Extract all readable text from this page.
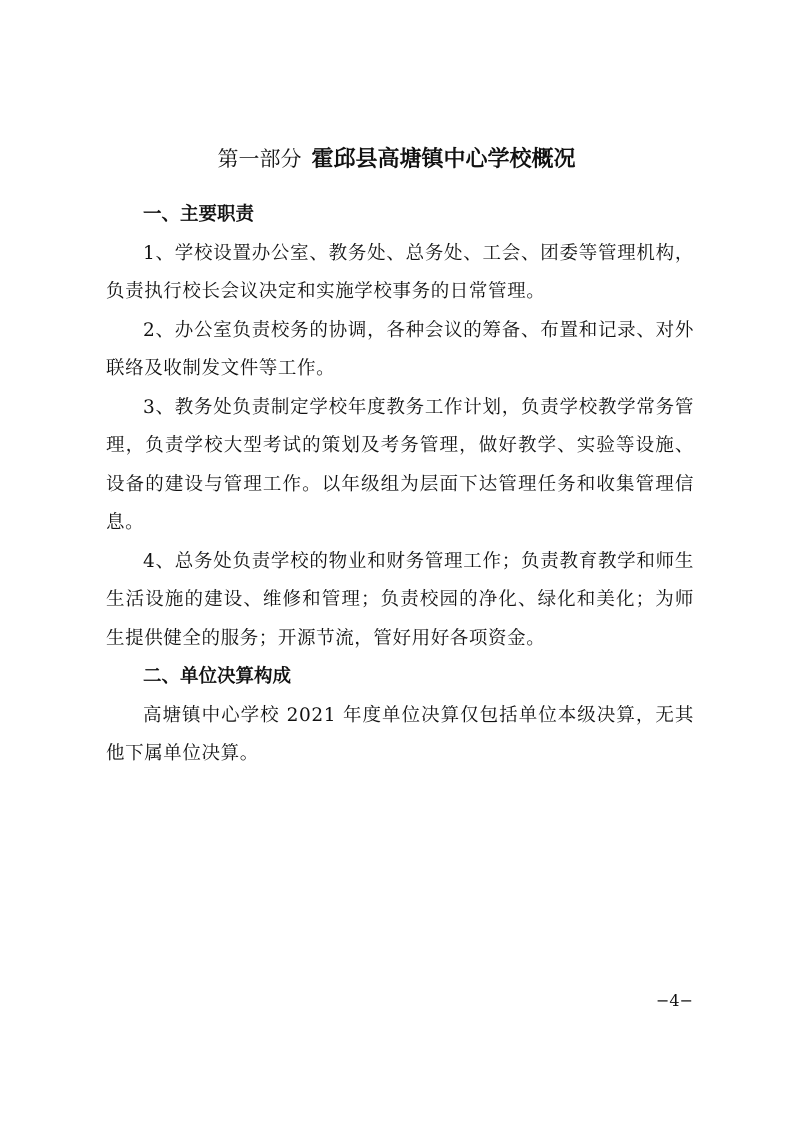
第一部分 霍邱县高塘镇中心学校概况

一、主要职责

1、学校设置办公室、教务处、总务处、工会、团委等管理机构，负责执行校长会议决定和实施学校事务的日常管理。

2、办公室负责校务的协调，各种会议的筹备、布置和记录、对外联络及收制发文件等工作。

3、教务处负责制定学校年度教务工作计划，负责学校教学常务管理，负责学校大型考试的策划及考务管理，做好教学、实验等设施、设备的建设与管理工作。以年级组为层面下达管理任务和收集管理信息。

4、总务处负责学校的物业和财务管理工作；负责教育教学和师生生活设施的建设、维修和管理；负责校园的净化、绿化和美化；为师生提供健全的服务；开源节流，管好用好各项资金。

二、单位决算构成

高塘镇中心学校 2021 年度单位决算仅包括单位本级决算，无其他下属单位决算。

−4−
